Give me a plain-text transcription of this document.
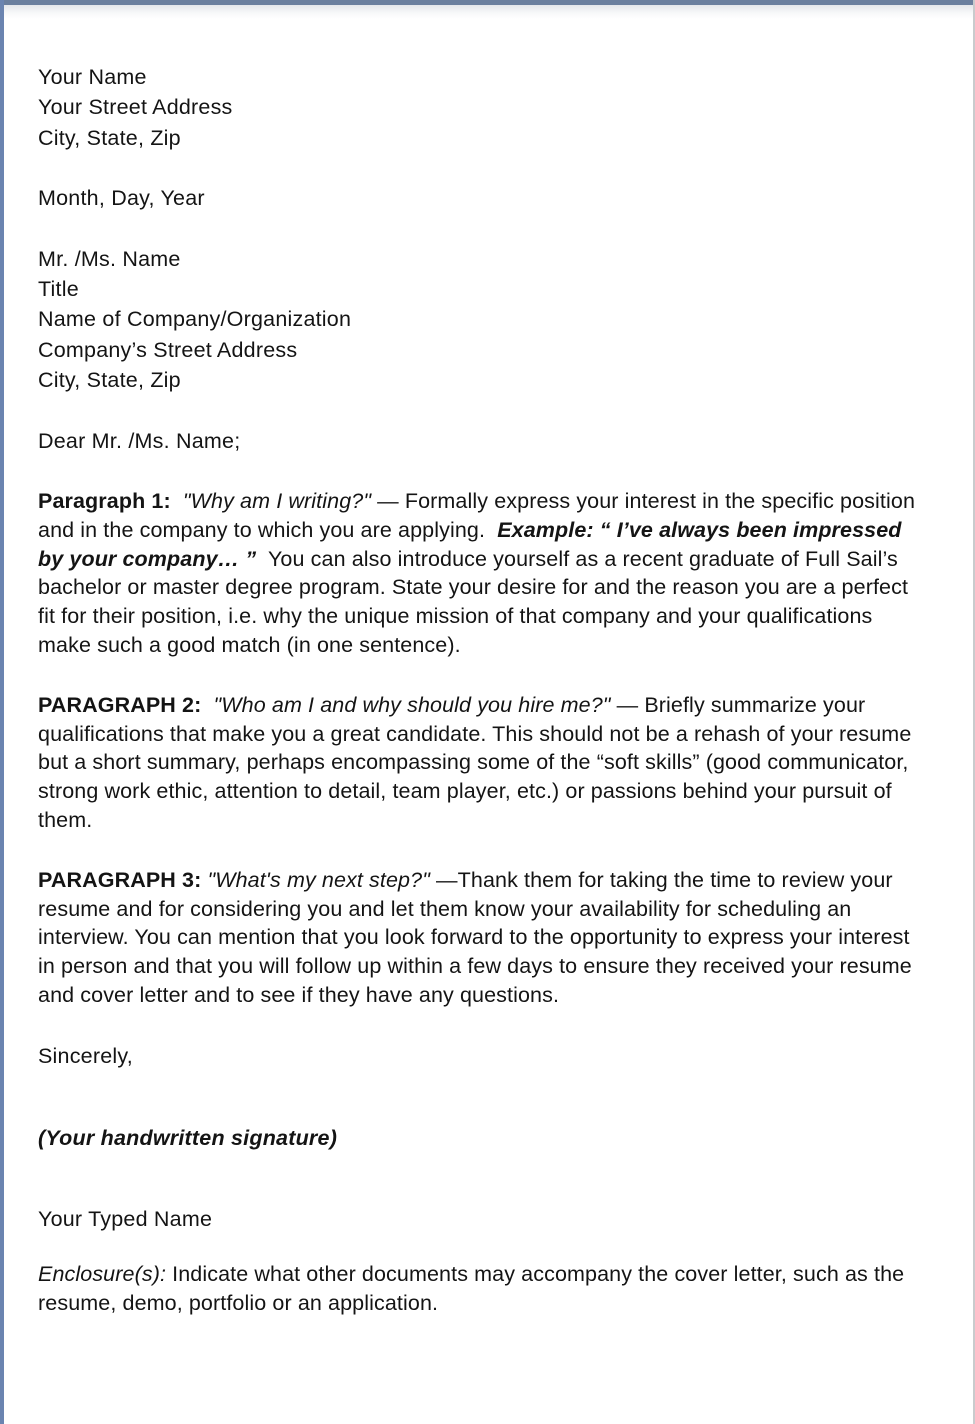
Your Name
Your Street Address
City, State, Zip
Month, Day, Year
Mr. /Ms. Name
Title
Name of Company/Organization
Company’s Street Address
City, State, Zip
Dear Mr. /Ms. Name;

Paragraph 1: "Why am I writing?" — Formally express your interest in the specific position and in the company to which you are applying.  Example: “ I’ve always been impressed by your company… ”  You can also introduce yourself as a recent graduate of Full Sail’s bachelor or master degree program. State your desire for and the reason you are a perfect fit for their position, i.e. why the unique mission of that company and your qualifications make such a good match (in one sentence).

PARAGRAPH 2: "Who am I and why should you hire me?" — Briefly summarize your qualifications that make you a great candidate. This should not be a rehash of your resume but a short summary, perhaps encompassing some of the “soft skills” (good communicator, strong work ethic, attention to detail, team player, etc.) or passions behind your pursuit of them.

PARAGRAPH 3: "What's my next step?" —Thank them for taking the time to review your resume and for considering you and let them know your availability for scheduling an interview. You can mention that you look forward to the opportunity to express your interest in person and that you will follow up within a few days to ensure they received your resume and cover letter and to see if they have any questions.

Sincerely,
(Your handwritten signature)
Your Typed Name

Enclosure(s): Indicate what other documents may accompany the cover letter, such as the resume, demo, portfolio or an application.
